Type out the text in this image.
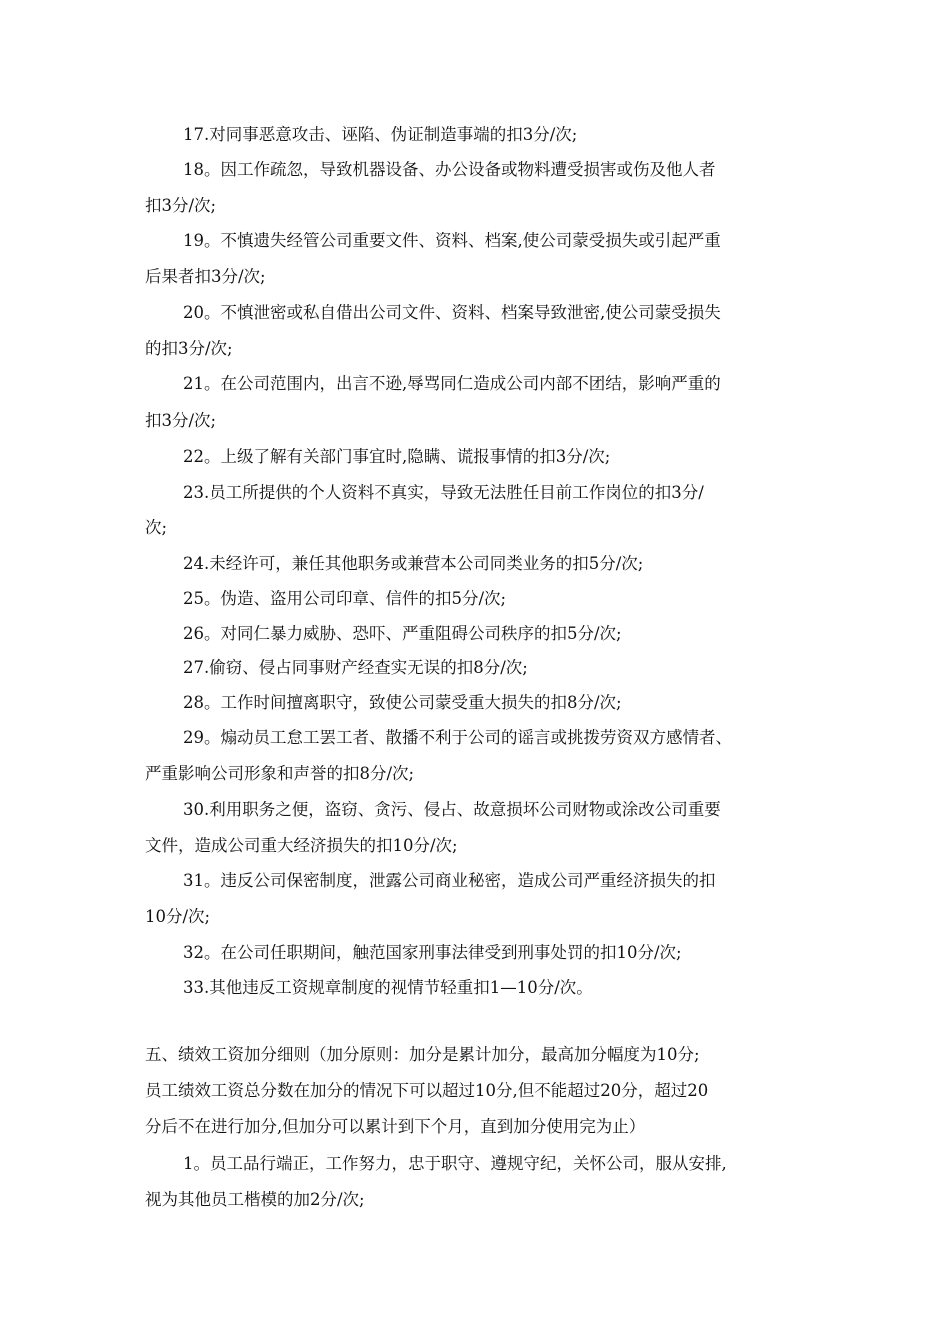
17.对同事恶意攻击、诬陷、伪证制造事端的扣3分/次;
18。因工作疏忽，导致机器设备、办公设备或物料遭受损害或伤及他人者
扣3分/次;
19。不慎遗失经管公司重要文件、资料、档案,使公司蒙受损失或引起严重
后果者扣3分/次;
20。不慎泄密或私自借出公司文件、资料、档案导致泄密,使公司蒙受损失
的扣3分/次;
21。在公司范围内，出言不逊,辱骂同仁造成公司内部不团结，影响严重的
扣3分/次;
22。上级了解有关部门事宜时,隐瞒、谎报事情的扣3分/次;
23.员工所提供的个人资料不真实，导致无法胜任目前工作岗位的扣3分/
次;
24.未经许可，兼任其他职务或兼营本公司同类业务的扣5分/次;
25。伪造、盗用公司印章、信件的扣5分/次;
26。对同仁暴力威胁、恐吓、严重阻碍公司秩序的扣5分/次;
27.偷窃、侵占同事财产经查实无误的扣8分/次;
28。工作时间擅离职守，致使公司蒙受重大损失的扣8分/次;
29。煽动员工怠工罢工者、散播不利于公司的谣言或挑拨劳资双方感情者、
严重影响公司形象和声誉的扣8分/次;
30.利用职务之便，盗窃、贪污、侵占、故意损坏公司财物或涂改公司重要
文件，造成公司重大经济损失的扣10分/次;
31。违反公司保密制度，泄露公司商业秘密，造成公司严重经济损失的扣
10分/次;
32。在公司任职期间，触范国家刑事法律受到刑事处罚的扣10分/次;
33.其他违反工资规章制度的视情节轻重扣1—10分/次。
五、绩效工资加分细则（加分原则：加分是累计加分，最高加分幅度为10分;
员工绩效工资总分数在加分的情况下可以超过10分,但不能超过20分，超过20
分后不在进行加分,但加分可以累计到下个月，直到加分使用完为止）
1。员工品行端正，工作努力，忠于职守、遵规守纪，关怀公司，服从安排,
视为其他员工楷模的加2分/次;
